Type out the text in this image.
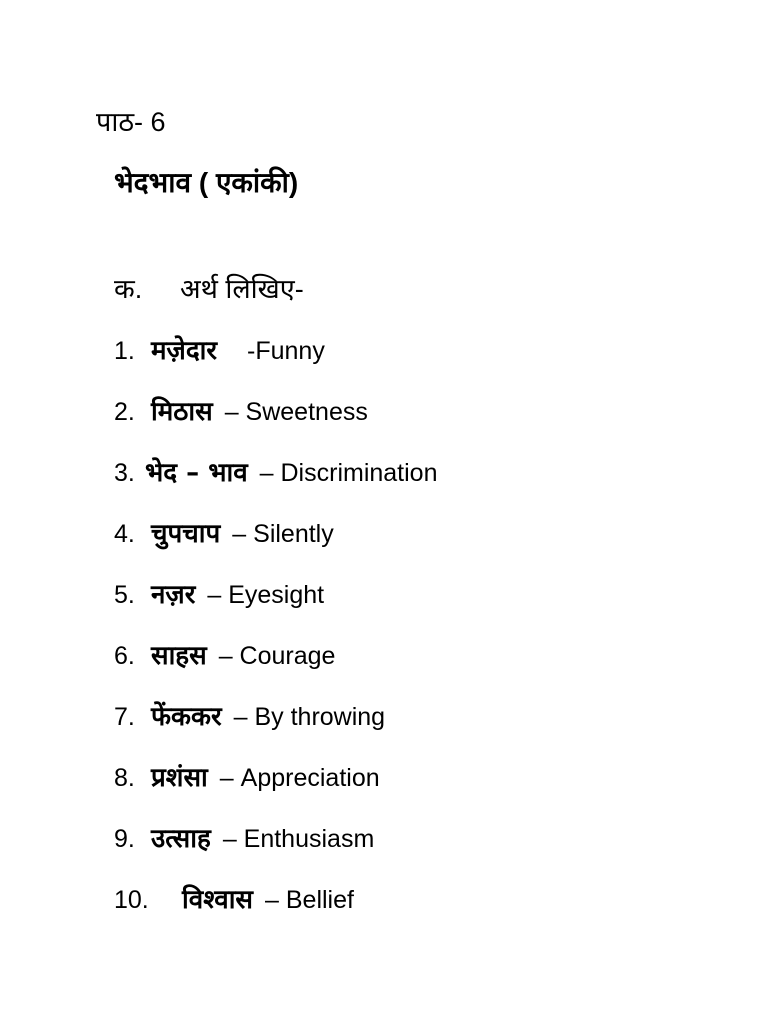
पाठ- 6
भेदभाव ( एकांकी)
क. अर्थ लिखिए-
1. मज़ेदार -Funny
2. मिठास – Sweetness
3. भेद – भाव – Discrimination
4. चुपचाप – Silently
5. नज़र – Eyesight
6. साहस – Courage
7. फेंककर – By throwing
8. प्रशंसा – Appreciation
9. उत्साह – Enthusiasm
10. विश्वास – Bellief
